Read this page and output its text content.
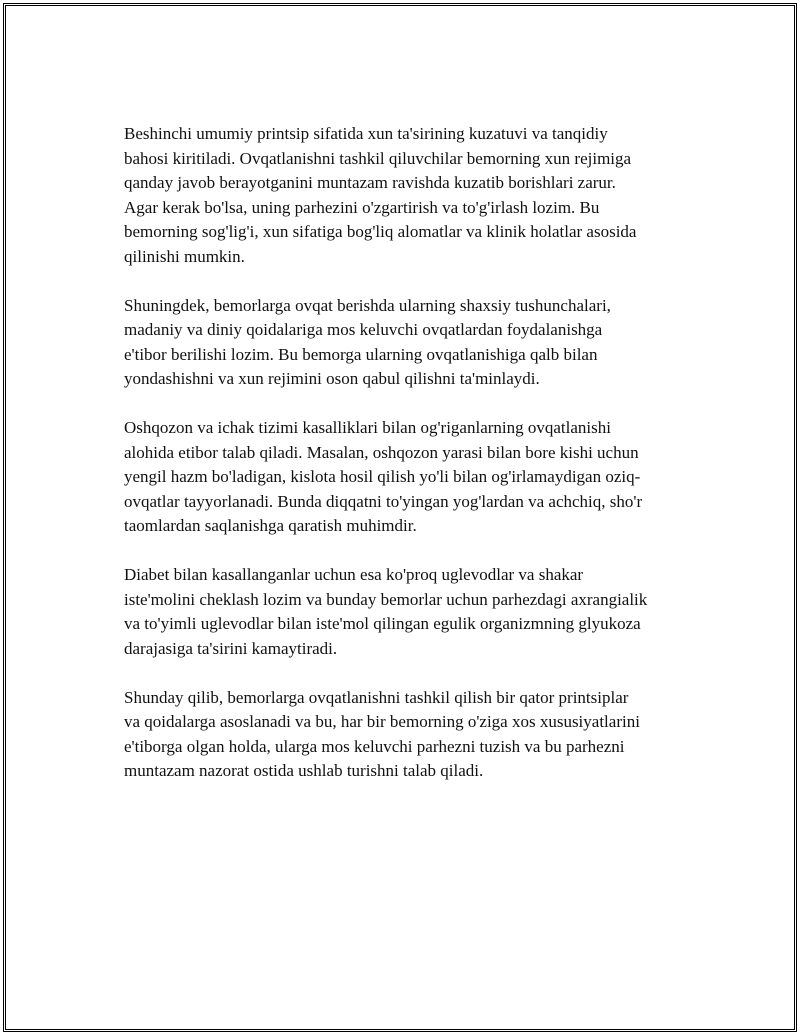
Beshinchi umumiy printsip sifatida xun ta'sirining kuzatuvi va tanqidiy
bahosi kiritiladi. Ovqatlanishni tashkil qiluvchilar bemorning xun rejimiga
qanday javob berayotganini muntazam ravishda kuzatib borishlari zarur.
Agar kerak bo'lsa, uning parhezini o'zgartirish va to'g'irlash lozim. Bu
bemorning sog'lig'i, xun sifatiga bog'liq alomatlar va klinik holatlar asosida
qilinishi mumkin.

Shuningdek, bemorlarga ovqat berishda ularning shaxsiy tushunchalari,
madaniy va diniy qoidalariga mos keluvchi ovqatlardan foydalanishga
e'tibor berilishi lozim. Bu bemorga ularning ovqatlanishiga qalb bilan
yondashishni va xun rejimini oson qabul qilishni ta'minlaydi.

Oshqozon va ichak tizimi kasalliklari bilan og'riganlarning ovqatlanishi
alohida etibor talab qiladi. Masalan, oshqozon yarasi bilan bore kishi uchun
yengil hazm bo'ladigan, kislota hosil qilish yo'li bilan og'irlamaydigan oziq-
ovqatlar tayyorlanadi. Bunda diqqatni to'yingan yog'lardan va achchiq, sho'r
taomlardan saqlanishga qaratish muhimdir.

Diabet bilan kasallanganlar uchun esa ko'proq uglevodlar va shakar
iste'molini cheklash lozim va bunday bemorlar uchun parhezdagi axrangialik
va to'yimli uglevodlar bilan iste'mol qilingan egulik organizmning glyukoza
darajasiga ta'sirini kamaytiradi.

Shunday qilib, bemorlarga ovqatlanishni tashkil qilish bir qator printsiplar
va qoidalarga asoslanadi va bu, har bir bemorning o'ziga xos xususiyatlarini
e'tiborga olgan holda, ularga mos keluvchi parhezni tuzish va bu parhezni
muntazam nazorat ostida ushlab turishni talab qiladi.
